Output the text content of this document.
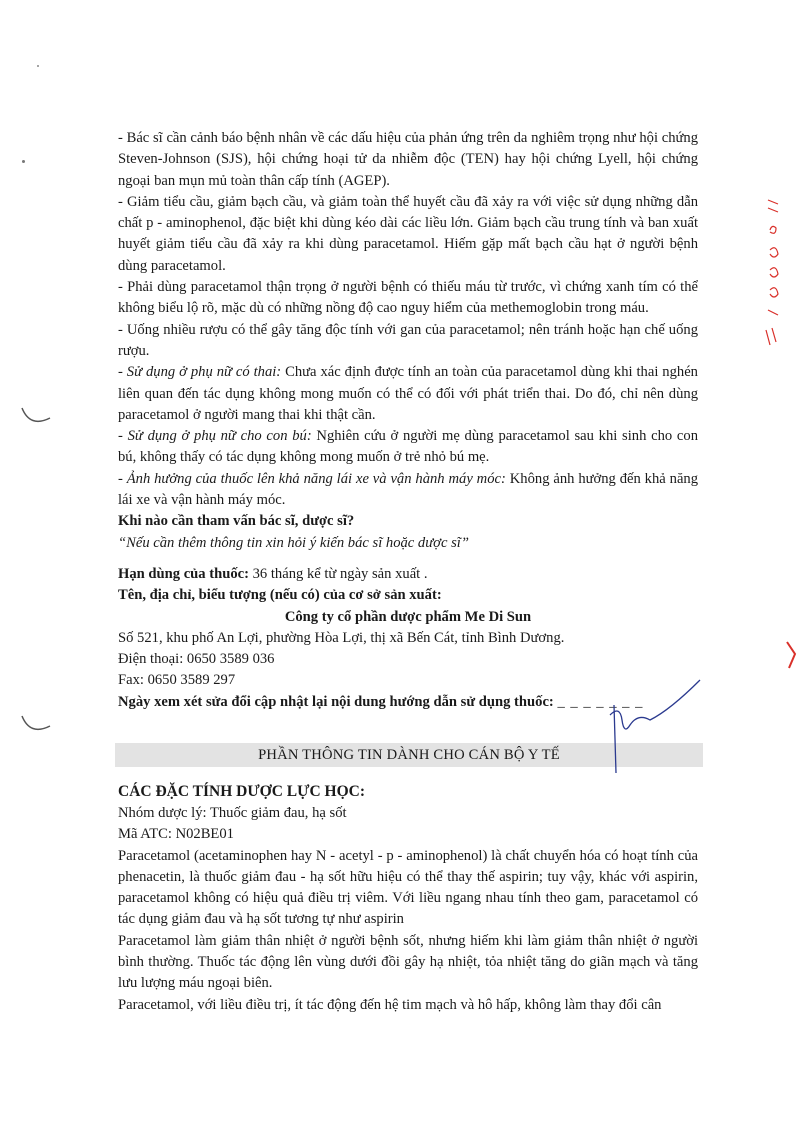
- Bác sĩ cần cảnh báo bệnh nhân về các dấu hiệu của phản ứng trên da nghiêm trọng như hội chứng Steven-Johnson (SJS), hội chứng hoại tử da nhiễm độc (TEN) hay hội chứng Lyell, hội chứng ngoại ban mụn mủ toàn thân cấp tính (AGEP).

- Giảm tiểu cầu, giảm bạch cầu, và giảm toàn thể huyết cầu đã xảy ra với việc sử dụng những dẫn chất p - aminophenol, đặc biệt khi dùng kéo dài các liều lớn. Giảm bạch cầu trung tính và ban xuất huyết giảm tiểu cầu đã xảy ra khi dùng paracetamol. Hiếm gặp mất bạch cầu hạt ở người bệnh dùng paracetamol.

- Phải dùng paracetamol thận trọng ở người bệnh có thiếu máu từ trước, vì chứng xanh tím có thể không biểu lộ rõ, mặc dù có những nồng độ cao nguy hiểm của methemoglobin trong máu.

- Uống nhiều rượu có thể gây tăng độc tính với gan của paracetamol; nên tránh hoặc hạn chế uống rượu.

- Sử dụng ở phụ nữ có thai: Chưa xác định được tính an toàn của paracetamol dùng khi thai nghén liên quan đến tác dụng không mong muốn có thể có đối với phát triển thai. Do đó, chỉ nên dùng paracetamol ở người mang thai khi thật cần.

- Sử dụng ở phụ nữ cho con bú: Nghiên cứu ở người mẹ dùng paracetamol sau khi sinh cho con bú, không thấy có tác dụng không mong muốn ở trẻ nhỏ bú mẹ.

- Ảnh hưởng của thuốc lên khả năng lái xe và vận hành máy móc: Không ảnh hưởng đến khả năng lái xe và vận hành máy móc.

Khi nào cần tham vấn bác sĩ, dược sĩ?

“Nếu cần thêm thông tin xin hỏi ý kiến bác sĩ hoặc dược sĩ”

Hạn dùng của thuốc: 36 tháng kể từ ngày sản xuất .

Tên, địa chỉ, biểu tượng (nếu có) của cơ sở sản xuất:

Công ty cổ phần dược phẩm Me Di Sun

Số 521, khu phố An Lợi, phường Hòa Lợi, thị xã Bến Cát, tỉnh Bình Dương.

Điện thoại: 0650 3589 036

Fax: 0650 3589 297

Ngày xem xét sửa đổi cập nhật lại nội dung hướng dẫn sử dụng thuốc: _ _ _ _ _ _ _

PHẦN THÔNG TIN DÀNH CHO CÁN BỘ Y TẾ

CÁC ĐẶC TÍNH DƯỢC LỰC HỌC:

Nhóm dược lý: Thuốc giảm đau, hạ sốt

Mã ATC: N02BE01

Paracetamol (acetaminophen hay N - acetyl - p - aminophenol) là chất chuyển hóa có hoạt tính của phenacetin, là thuốc giảm đau - hạ sốt hữu hiệu có thể thay thế aspirin; tuy vậy, khác với aspirin, paracetamol không có hiệu quả điều trị viêm. Với liều ngang nhau tính theo gam, paracetamol có tác dụng giảm đau và hạ sốt tương tự như aspirin

Paracetamol làm giảm thân nhiệt ở người bệnh sốt, nhưng hiếm khi làm giảm thân nhiệt ở người bình thường. Thuốc tác động lên vùng dưới đồi gây hạ nhiệt, tỏa nhiệt tăng do giãn mạch và tăng lưu lượng máu ngoại biên.

Paracetamol, với liều điều trị, ít tác động đến hệ tim mạch và hô hấp, không làm thay đổi cân
